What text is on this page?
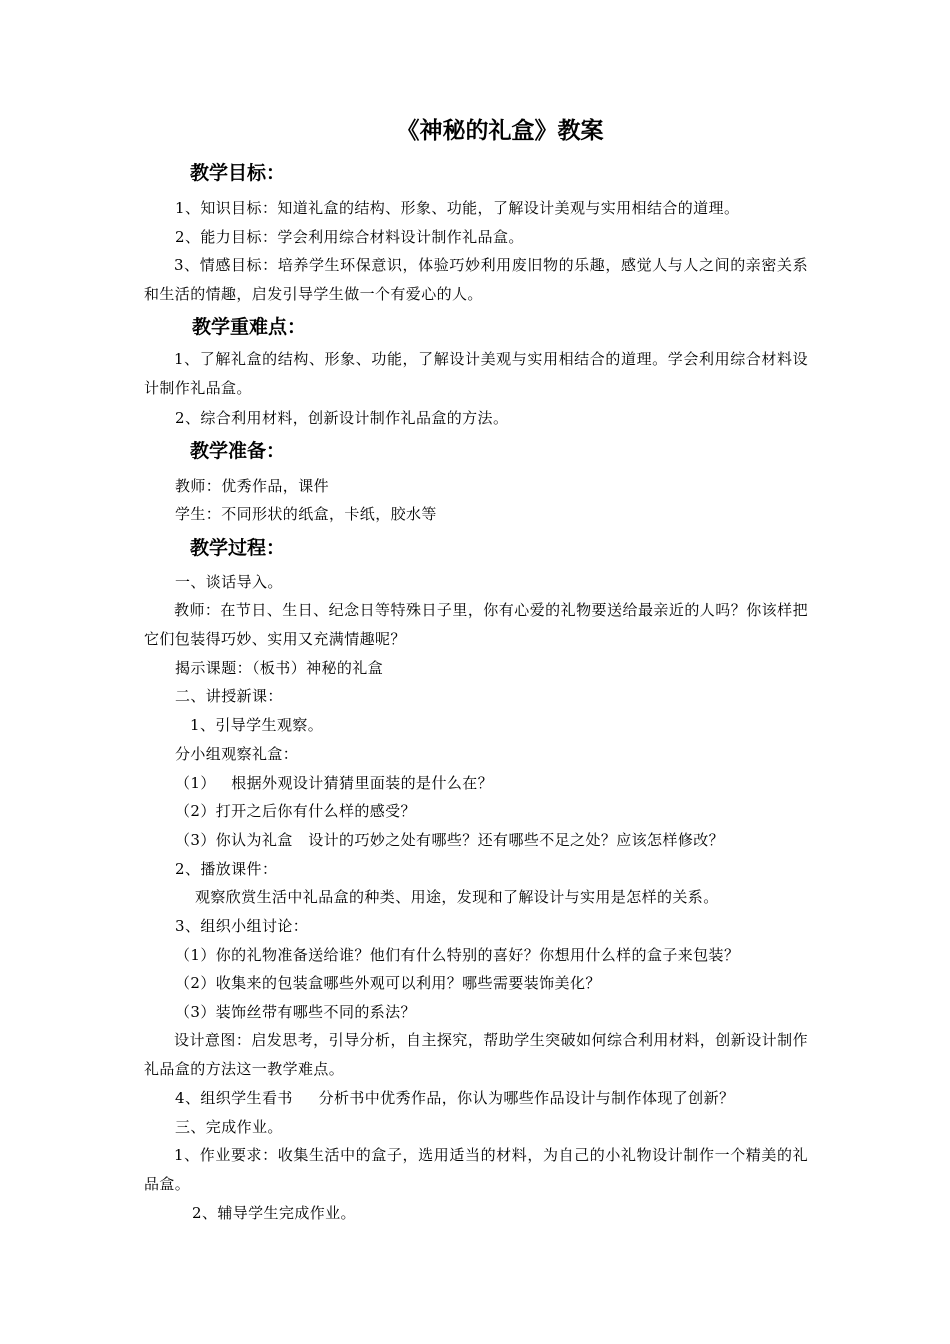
《神秘的礼盒》教案
教学目标：
1、知识目标：知道礼盒的结构、形象、功能，了解设计美观与实用相结合的道理。
2、能力目标：学会利用综合材料设计制作礼品盒。
3、情感目标：培养学生环保意识，体验巧妙利用废旧物的乐趣，感觉人与人之间的亲密关系和生活的情趣，启发引导学生做一个有爱心的人。
教学重难点：
1、了解礼盒的结构、形象、功能，了解设计美观与实用相结合的道理。学会利用综合材料设计制作礼品盒。
2、综合利用材料，创新设计制作礼品盒的方法。
教学准备：
教师：优秀作品，课件
学生：不同形状的纸盒，卡纸，胶水等
教学过程：
一、谈话导入。
教师：在节日、生日、纪念日等特殊日子里，你有心爱的礼物要送给最亲近的人吗？你该样把它们包装得巧妙、实用又充满情趣呢？
揭示课题：（板书）神秘的礼盒
二、讲授新课：
1、引导学生观察。
分小组观察礼盒：
（1）   根据外观设计猜猜里面装的是什么在？
（2）打开之后你有什么样的感受？
（3）你认为礼盒   设计的巧妙之处有哪些？还有哪些不足之处？应该怎样修改？
2、播放课件：
观察欣赏生活中礼品盒的种类、用途，发现和了解设计与实用是怎样的关系。
3、组织小组讨论：
（1）你的礼物准备送给谁？他们有什么特别的喜好？你想用什么样的盒子来包装？
（2）收集来的包装盒哪些外观可以利用？哪些需要装饰美化？
（3）装饰丝带有哪些不同的系法？
设计意图：启发思考，引导分析，自主探究，帮助学生突破如何综合利用材料，创新设计制作礼品盒的方法这一教学难点。
4、组织学生看书     分析书中优秀作品，你认为哪些作品设计与制作体现了创新？
三、完成作业。
1、作业要求：收集生活中的盒子，选用适当的材料，为自己的小礼物设计制作一个精美的礼品盒。
2、辅导学生完成作业。
